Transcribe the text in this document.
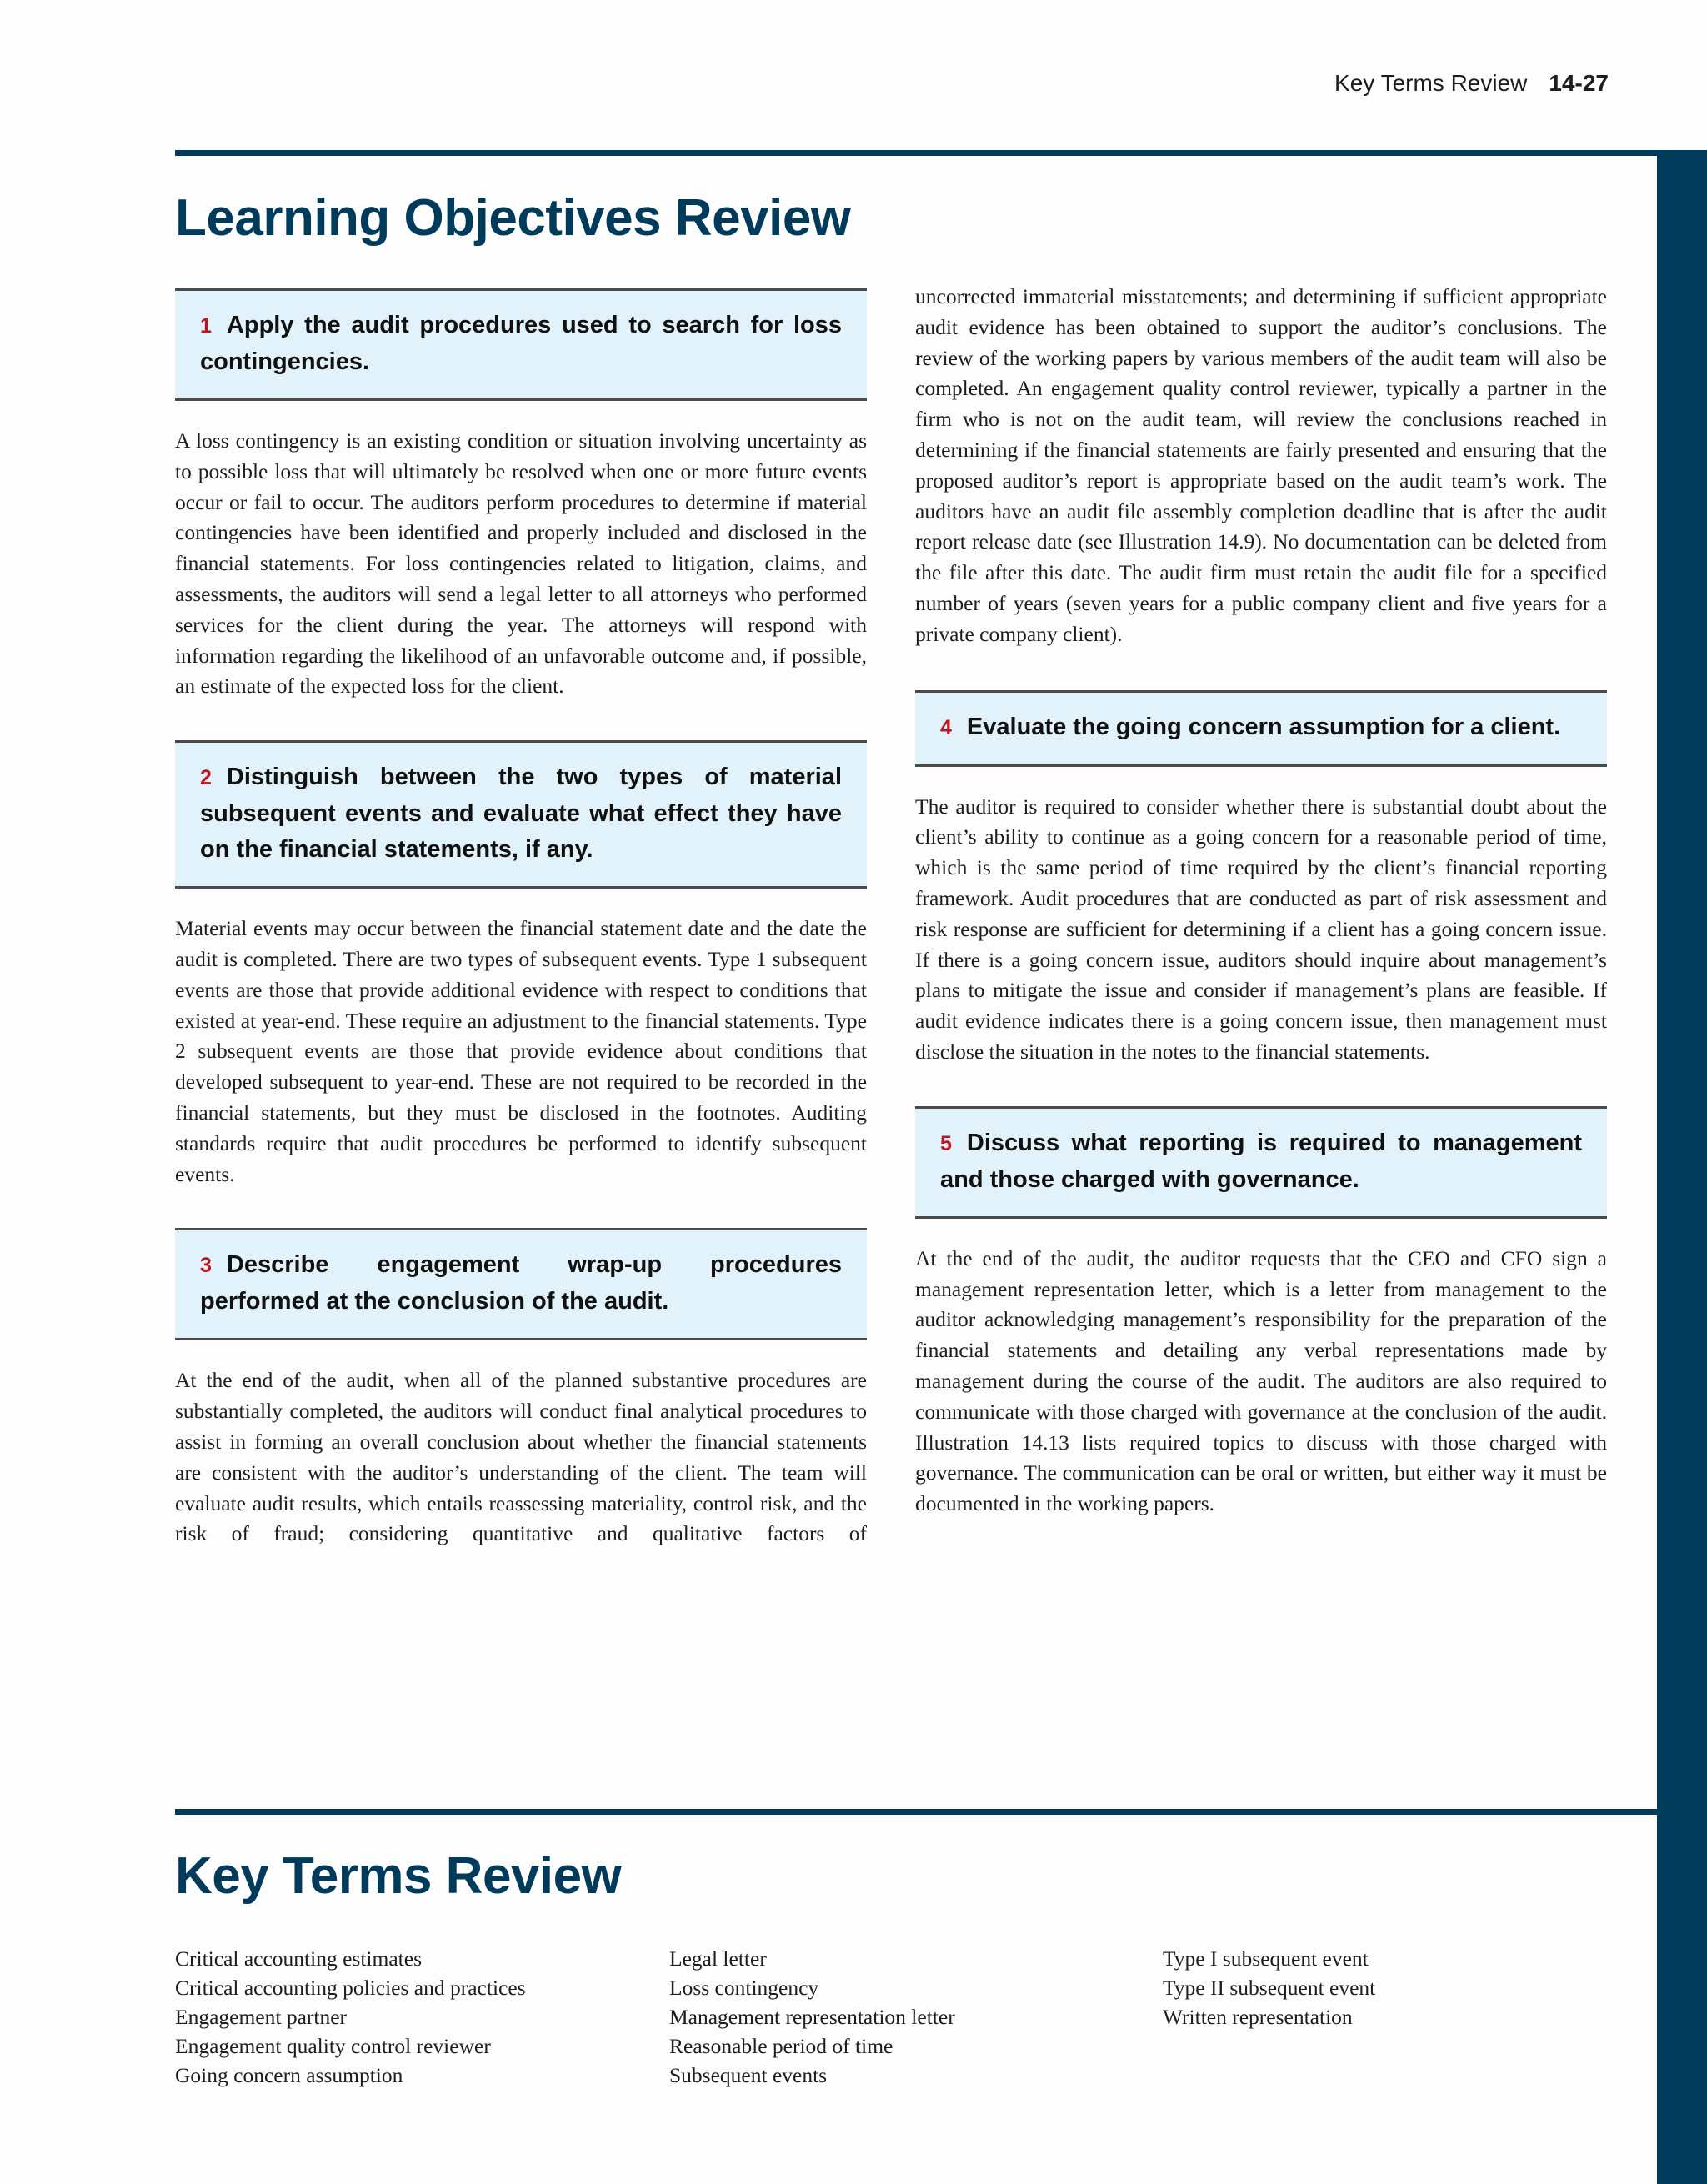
Key Terms Review 14-27
Learning Objectives Review
1 Apply the audit procedures used to search for loss contingencies.

A loss contingency is an existing condition or situation involving uncertainty as to possible loss that will ultimately be resolved when one or more future events occur or fail to occur. The auditors perform procedures to determine if material contingencies have been identified and properly included and disclosed in the financial statements. For loss contingencies related to litigation, claims, and assessments, the auditors will send a legal letter to all attorneys who performed services for the client during the year. The attorneys will respond with information regarding the likelihood of an unfavorable outcome and, if possible, an estimate of the expected loss for the client.

2 Distinguish between the two types of material subsequent events and evaluate what effect they have on the financial statements, if any.

Material events may occur between the financial statement date and the date the audit is completed. There are two types of subsequent events. Type 1 subsequent events are those that provide additional evidence with respect to conditions that existed at year-end. These require an adjustment to the financial statements. Type 2 subsequent events are those that provide evidence about conditions that developed subsequent to year-end. These are not required to be recorded in the financial statements, but they must be disclosed in the footnotes. Auditing standards require that audit procedures be performed to identify subsequent events.

3 Describe engagement wrap-up procedures performed at the conclusion of the audit.

At the end of the audit, when all of the planned substantive procedures are substantially completed, the auditors will conduct final analytical procedures to assist in forming an overall conclusion about whether the financial statements are consistent with the auditor’s understanding of the client. The team will evaluate audit results, which entails reassessing materiality, control risk, and the risk of fraud; considering quantitative and qualitative factors of

uncorrected immaterial misstatements; and determining if sufficient appropriate audit evidence has been obtained to support the auditor’s conclusions. The review of the working papers by various members of the audit team will also be completed. An engagement quality control reviewer, typically a partner in the firm who is not on the audit team, will review the conclusions reached in determining if the financial statements are fairly presented and ensuring that the proposed auditor’s report is appropriate based on the audit team’s work. The auditors have an audit file assembly completion deadline that is after the audit report release date (see Illustration 14.9). No documentation can be deleted from the file after this date. The audit firm must retain the audit file for a specified number of years (seven years for a public company client and five years for a private company client).

4 Evaluate the going concern assumption for a client.

The auditor is required to consider whether there is substantial doubt about the client’s ability to continue as a going concern for a reasonable period of time, which is the same period of time required by the client’s financial reporting framework. Audit procedures that are conducted as part of risk assessment and risk response are sufficient for determining if a client has a going concern issue. If there is a going concern issue, auditors should inquire about management’s plans to mitigate the issue and consider if management’s plans are feasible. If audit evidence indicates there is a going concern issue, then management must disclose the situation in the notes to the financial statements.

5 Discuss what reporting is required to management and those charged with governance.

At the end of the audit, the auditor requests that the CEO and CFO sign a management representation letter, which is a letter from management to the auditor acknowledging management’s responsibility for the preparation of the financial statements and detailing any verbal representations made by management during the course of the audit. The auditors are also required to communicate with those charged with governance at the conclusion of the audit. Illustration 14.13 lists required topics to discuss with those charged with governance. The communication can be oral or written, but either way it must be documented in the working papers.

Key Terms Review
Critical accounting estimates
Critical accounting policies and practices
Engagement partner
Engagement quality control reviewer
Going concern assumption
Legal letter
Loss contingency
Management representation letter
Reasonable period of time
Subsequent events
Type I subsequent event
Type II subsequent event
Written representation
